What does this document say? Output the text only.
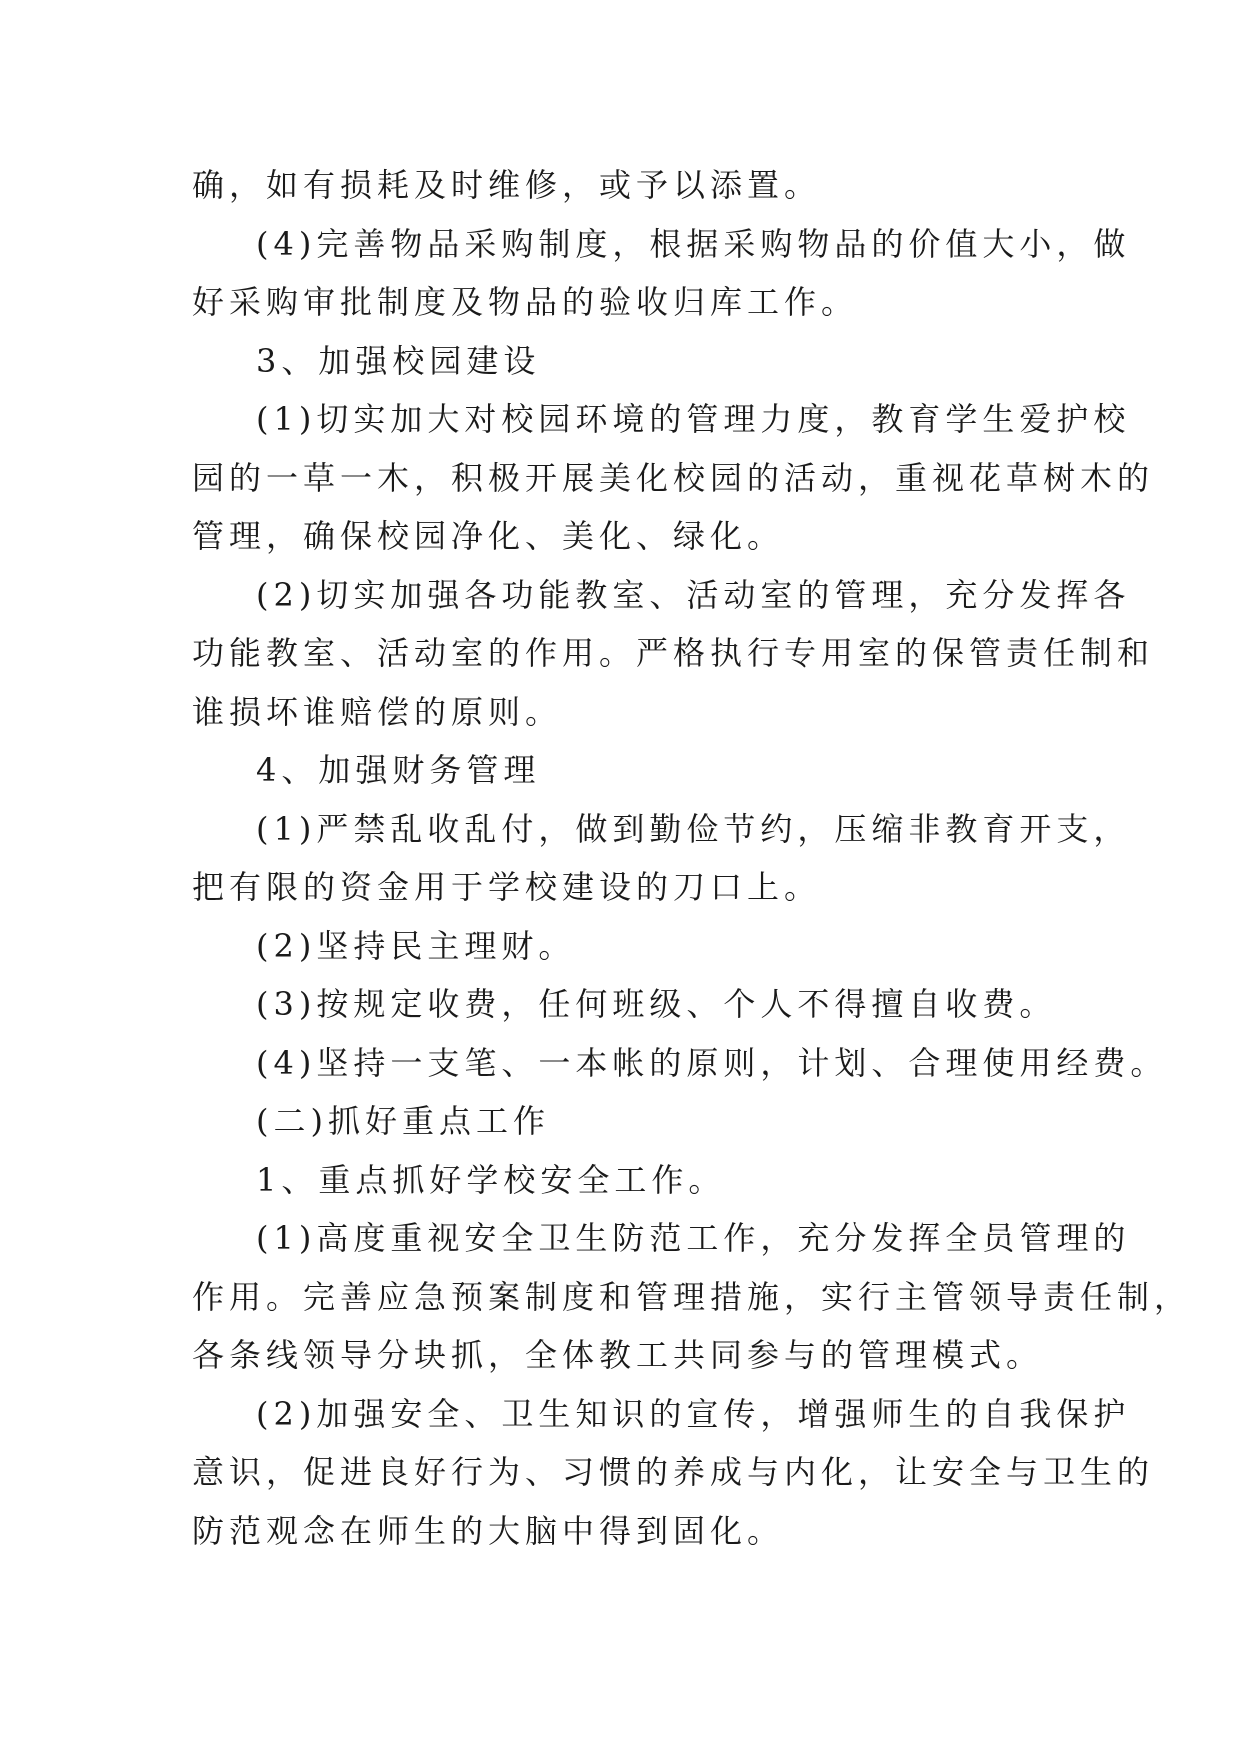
确，如有损耗及时维修，或予以添置。
(4)完善物品采购制度，根据采购物品的价值大小，做
好采购审批制度及物品的验收归库工作。
3、加强校园建设
(1)切实加大对校园环境的管理力度，教育学生爱护校
园的一草一木，积极开展美化校园的活动，重视花草树木的
管理，确保校园净化、美化、绿化。
(2)切实加强各功能教室、活动室的管理，充分发挥各
功能教室、活动室的作用。严格执行专用室的保管责任制和
谁损坏谁赔偿的原则。
4、加强财务管理
(1)严禁乱收乱付，做到勤俭节约，压缩非教育开支，
把有限的资金用于学校建设的刀口上。
(2)坚持民主理财。
(3)按规定收费，任何班级、个人不得擅自收费。
(4)坚持一支笔、一本帐的原则，计划、合理使用经费。
(二)抓好重点工作
1、重点抓好学校安全工作。
(1)高度重视安全卫生防范工作，充分发挥全员管理的
作用。完善应急预案制度和管理措施，实行主管领导责任制，
各条线领导分块抓，全体教工共同参与的管理模式。
(2)加强安全、卫生知识的宣传，增强师生的自我保护
意识，促进良好行为、习惯的养成与内化，让安全与卫生的
防范观念在师生的大脑中得到固化。
